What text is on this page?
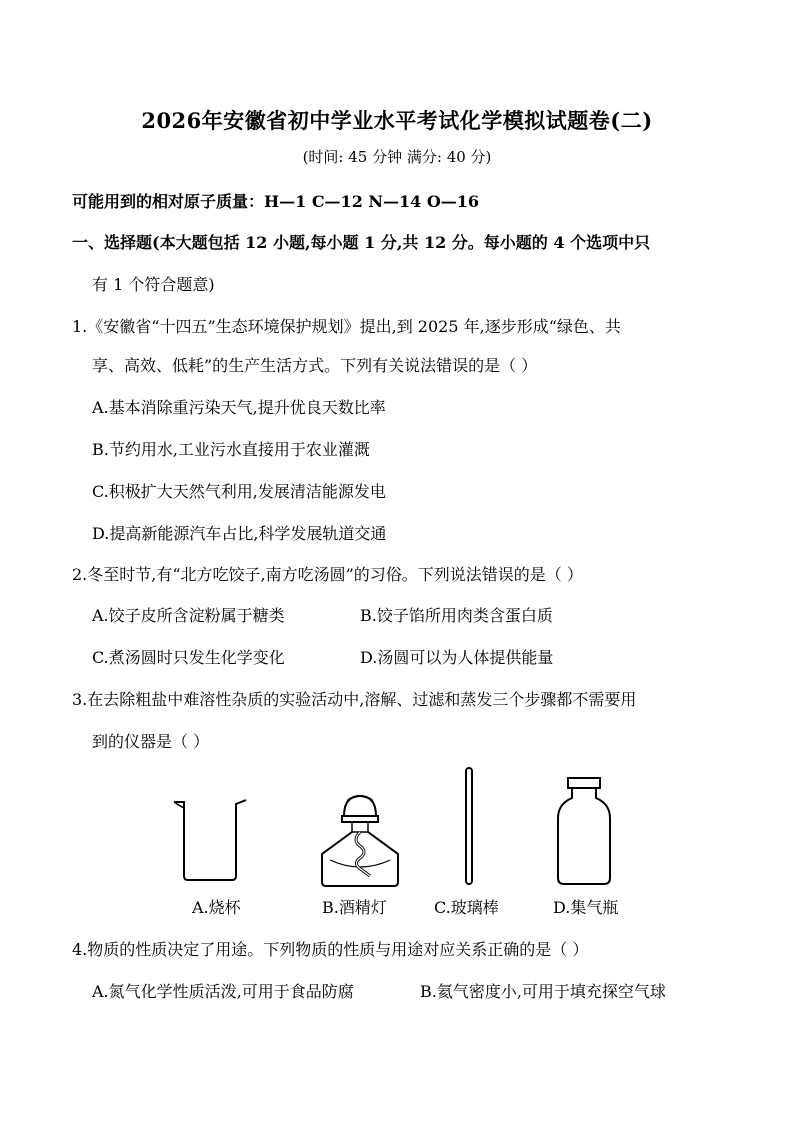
2026年安徽省初中学业水平考试化学模拟试题卷(二)
(时间: 45 分钟 满分: 40 分)
可能用到的相对原子质量：H—1 C—12 N—14 O—16
一、选择题(本大题包括 12 小题,每小题 1 分,共 12 分。每小题的 4 个选项中只
有 1 个符合题意)
1.《安徽省“十四五”生态环境保护规划》提出,到 2025 年,逐步形成“绿色、共
享、高效、低耗”的生产生活方式。下列有关说法错误的是（ ）
A.基本消除重污染天气,提升优良天数比率
B.节约用水,工业污水直接用于农业灌溉
C.积极扩大天然气利用,发展清洁能源发电
D.提高新能源汽车占比,科学发展轨道交通
2.冬至时节,有“北方吃饺子,南方吃汤圆”的习俗。下列说法错误的是（ ）
A.饺子皮所含淀粉属于糖类	B.饺子馅所用肉类含蛋白质
C.煮汤圆时只发生化学变化	D.汤圆可以为人体提供能量
3.在去除粗盐中难溶性杂质的实验活动中,溶解、过滤和蒸发三个步骤都不需要用
到的仪器是（ ）
A.烧杯	B.酒精灯	C.玻璃棒	D.集气瓶
4.物质的性质决定了用途。下列物质的性质与用途对应关系正确的是（ ）
A.氮气化学性质活泼,可用于食品防腐	B.氦气密度小,可用于填充探空气球
